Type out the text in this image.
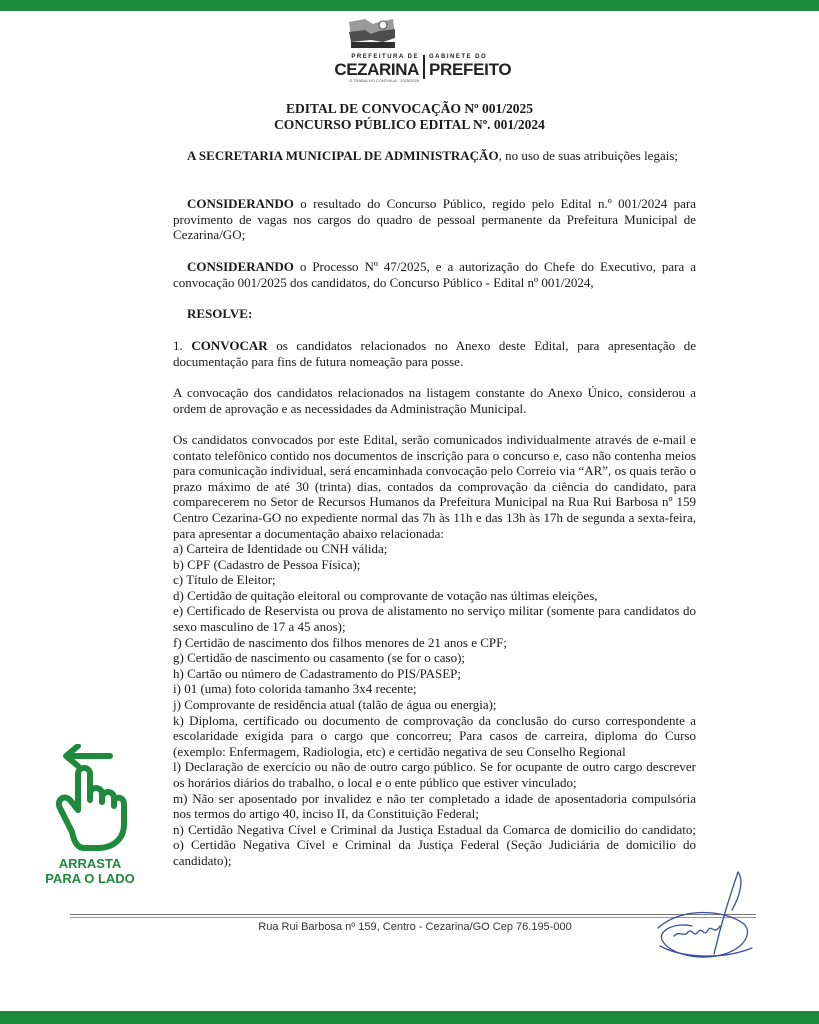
PREFEITURA DE
CEZARINA
O TRABALHO CONTINUA · 2025/2028
GABINETE DO
PREFEITO
EDITAL DE CONVOCAÇÃO Nº 001/2025
CONCURSO PÚBLICO EDITAL Nº. 001/2024

A SECRETARIA MUNICIPAL DE ADMINISTRAÇÃO, no uso de suas atribuições legais;

CONSIDERANDO o resultado do Concurso Público, regido pelo Edital n.º 001/2024 para provimento de vagas nos cargos do quadro de pessoal permanente da Prefeitura Municipal de Cezarina/GO;

CONSIDERANDO o Processo Nº 47/2025, e a autorização do Chefe do Executivo, para a convocação 001/2025 dos candidatos, do Concurso Público - Edital nº 001/2024,

RESOLVE:

1. CONVOCAR os candidatos relacionados no Anexo deste Edital, para apresentação de documentação para fins de futura nomeação para posse.

A convocação dos candidatos relacionados na listagem constante do Anexo Único, considerou a ordem de aprovação e as necessidades da Administração Municipal.

Os candidatos convocados por este Edital, serão comunicados individualmente através de e-mail e contato telefônico contido nos documentos de inscrição para o concurso e, caso não contenha meios para comunicação individual, será encaminhada convocação pelo Correio via “AR”, os quais terão o prazo máximo de até 30 (trinta) dias, contados da comprovação da ciência do candidato, para comparecerem no Setor de Recursos Humanos da Prefeitura Municipal na Rua Rui Barbosa nº 159 Centro Cezarina-GO no expediente normal das 7h às 11h e das 13h às 17h de segunda a sexta-feira, para apresentar a documentação abaixo relacionada:

a) Carteira de Identidade ou CNH válida;
b) CPF (Cadastro de Pessoa Física);
c) Título de Eleitor;
d) Certidão de quitação eleitoral ou comprovante de votação nas últimas eleições,
e) Certificado de Reservista ou prova de alistamento no serviço militar (somente para candidatos do sexo masculino de 17 a 45 anos);
f) Certidão de nascimento dos filhos menores de 21 anos e CPF;
g) Certidão de nascimento ou casamento (se for o caso);
h) Cartão ou número de Cadastramento do PIS/PASEP;
i) 01 (uma) foto colorida tamanho 3x4 recente;
j) Comprovante de residência atual (talão de água ou energia);
k) Diploma, certificado ou documento de comprovação da conclusão do curso correspondente a escolaridade exigida para o cargo que concorreu; Para casos de carreira, diploma do Curso (exemplo: Enfermagem, Radiologia, etc) e certidão negativa de seu Conselho Regional
l) Declaração de exercício ou não de outro cargo público. Se for ocupante de outro cargo descrever os horários diários do trabalho, o local e o ente público que estiver vinculado;
m) Não ser aposentado por invalidez e não ter completado a idade de aposentadoria compulsória nos termos do artigo 40, inciso II, da Constituição Federal;
n) Certidão Negativa Cível e Criminal da Justiça Estadual da Comarca de domicilio do candidato; o) Certidão Negativa Cível e Criminal da Justiça Federal (Seção Judiciária de domicilio do candidato);
ARRASTA
PARA O LADO
Rua Rui Barbosa nº 159, Centro - Cezarina/GO Cep 76.195-000
